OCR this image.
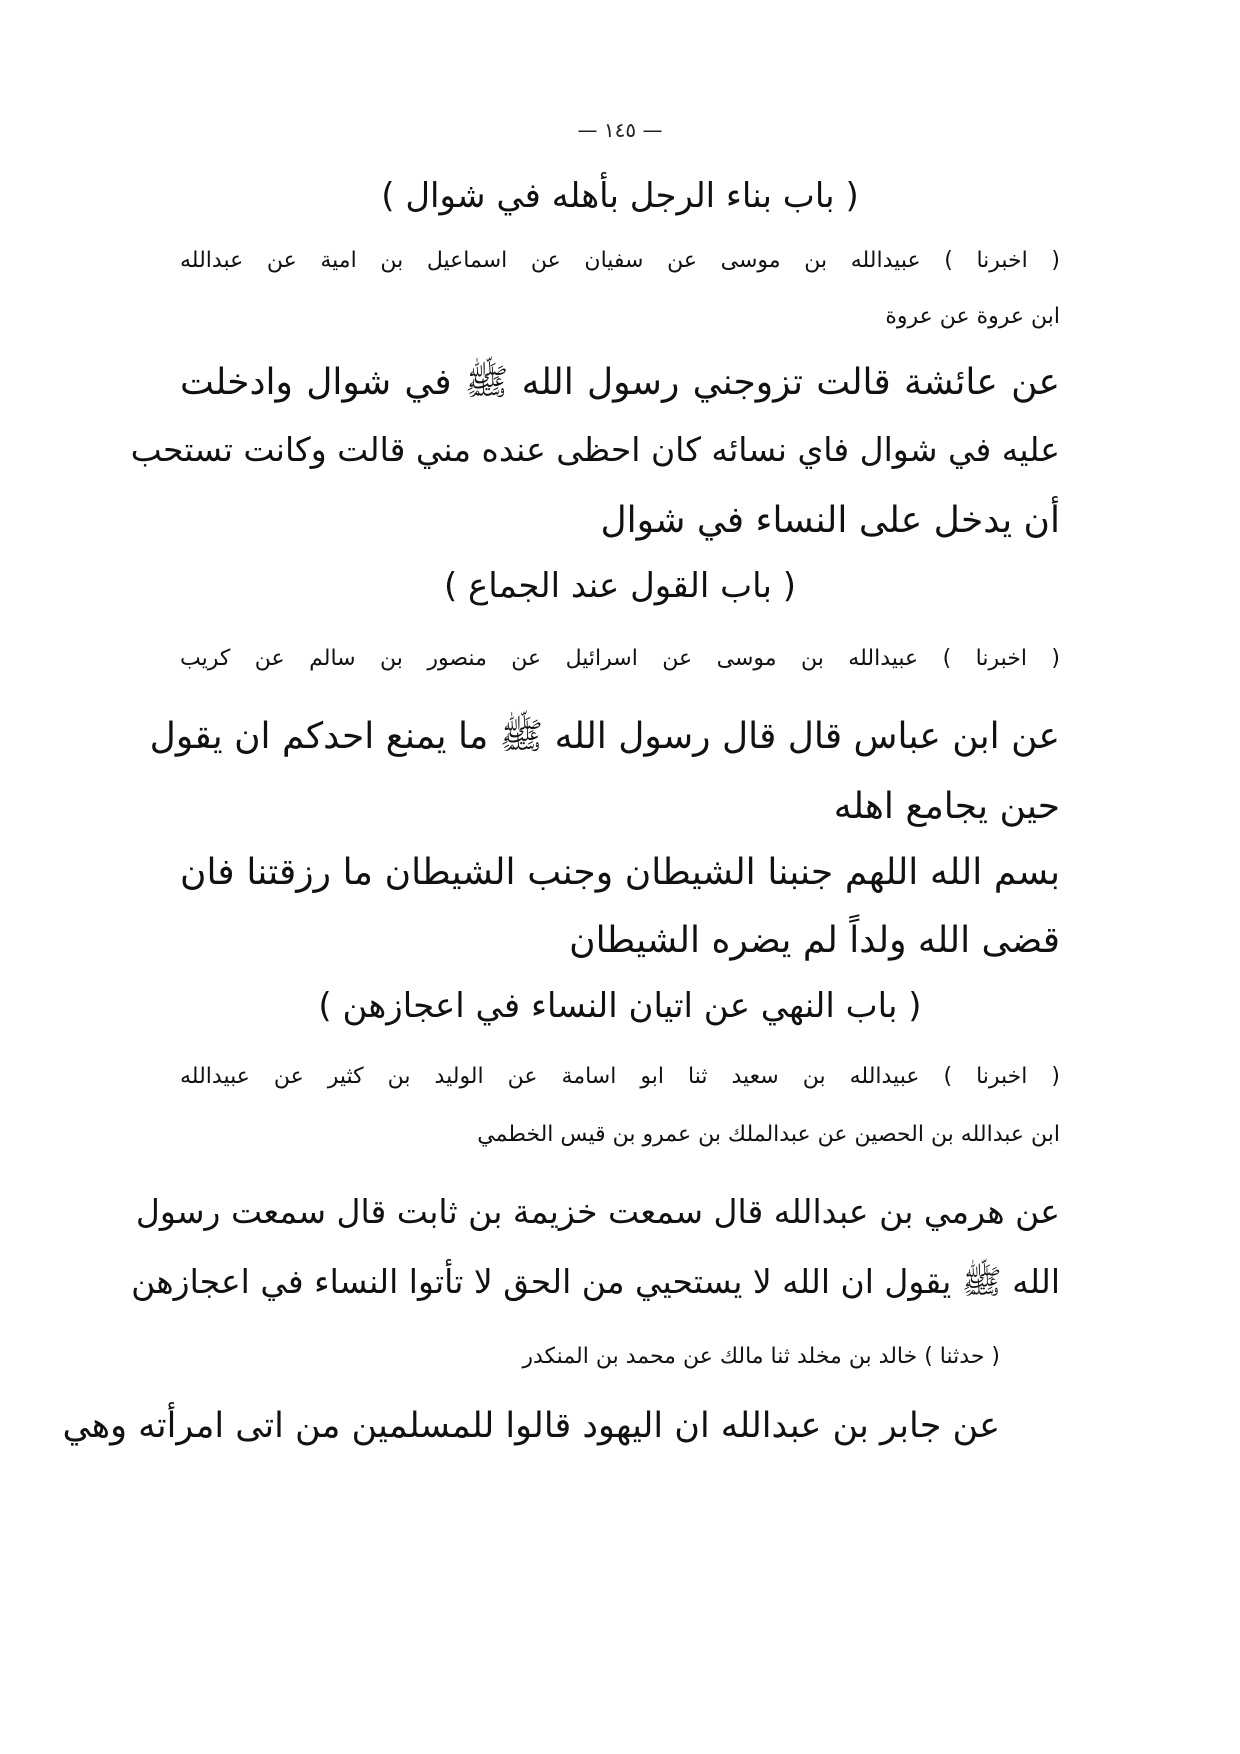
— ١٤٥ —
( باب بناء الرجل بأهله في شوال )
( اخبرنا ) عبيدالله بن موسى عن سفيان عن اسماعيل بن امية عن عبدالله
ابن عروة عن عروة
عن عائشة قالت تزوجني رسول الله ﷺ في شوال وادخلت
عليه في شوال فاي نسائه كان احظى عنده مني قالت وكانت تستحب
أن يدخل على النساء في شوال
( باب القول عند الجماع )
( اخبرنا ) عبيدالله بن موسى عن اسرائيل عن منصور بن سالم عن كريب
عن ابن عباس قال قال رسول الله ﷺ ما يمنع احدكم ان يقول
حين يجامع اهله
بسم الله اللهم جنبنا الشيطان وجنب الشيطان ما رزقتنا فان
قضى الله ولداً لم يضره الشيطان
( باب النهي عن اتيان النساء في اعجازهن )
( اخبرنا ) عبيدالله بن سعيد ثنا ابو اسامة عن الوليد بن كثير عن عبيدالله
ابن عبدالله بن الحصين عن عبدالملك بن عمرو بن قيس الخطمي
عن هرمي بن عبدالله قال سمعت خزيمة بن ثابت قال سمعت رسول
الله ﷺ يقول ان الله لا يستحيي من الحق لا تأتوا النساء في اعجازهن
( حدثنا ) خالد بن مخلد ثنا مالك عن محمد بن المنكدر
عن جابر بن عبدالله ان اليهود قالوا للمسلمين من اتى امرأته وهي
